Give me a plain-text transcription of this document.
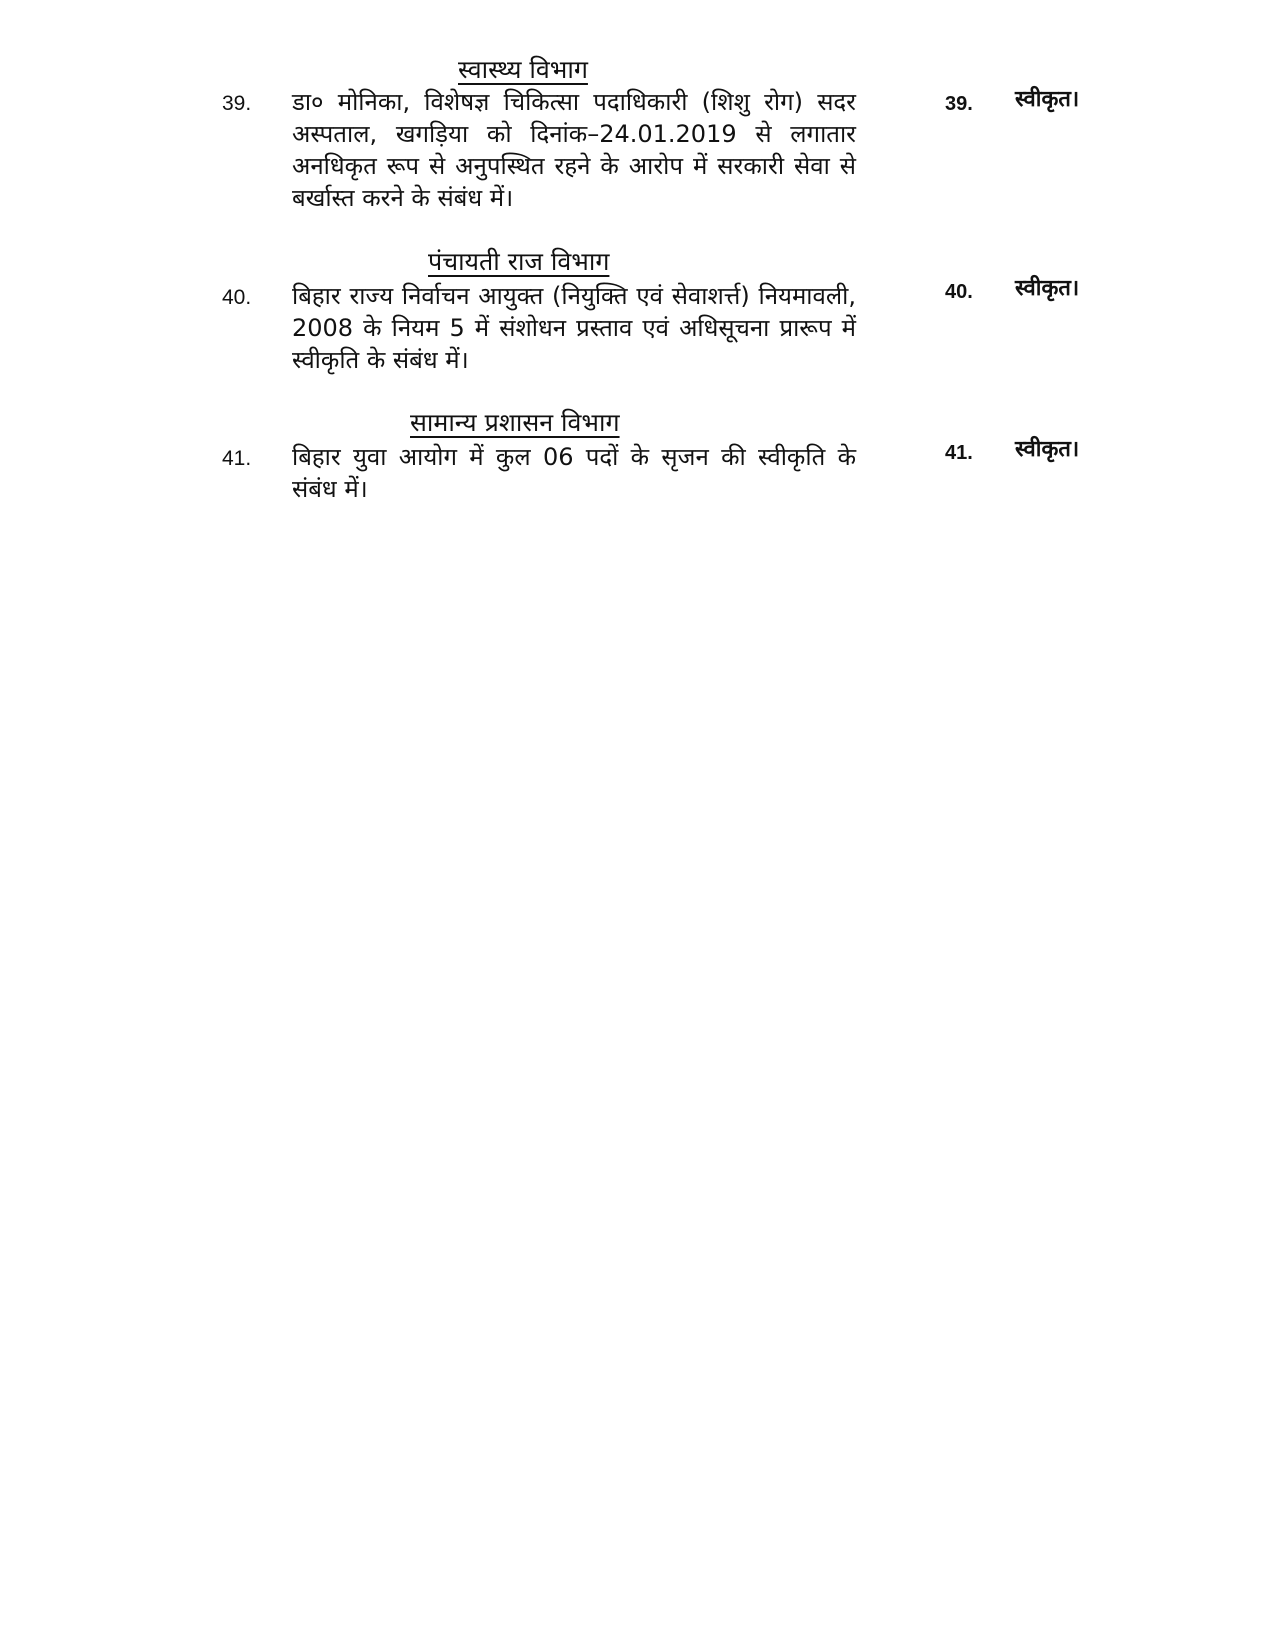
स्वास्थ्य विभाग
39. डा० मोनिका, विशेषज्ञ चिकित्सा पदाधिकारी (शिशु रोग) सदर अस्पताल, खगड़िया को दिनांक–24.01.2019 से लगातार अनधिकृत रूप से अनुपस्थित रहने के आरोप में सरकारी सेवा से बर्खास्त करने के संबंध में।
39. स्वीकृत।
पंचायती राज विभाग
40. बिहार राज्य निर्वाचन आयुक्त (नियुक्ति एवं सेवाशर्त्त) नियमावली, 2008 के नियम 5 में संशोधन प्रस्ताव एवं अधिसूचना प्रारूप में स्वीकृति के संबंध में।
40. स्वीकृत।
सामान्य प्रशासन विभाग
41. बिहार युवा आयोग में कुल 06 पदों के सृजन की स्वीकृति के संबंध में।
41. स्वीकृत।
